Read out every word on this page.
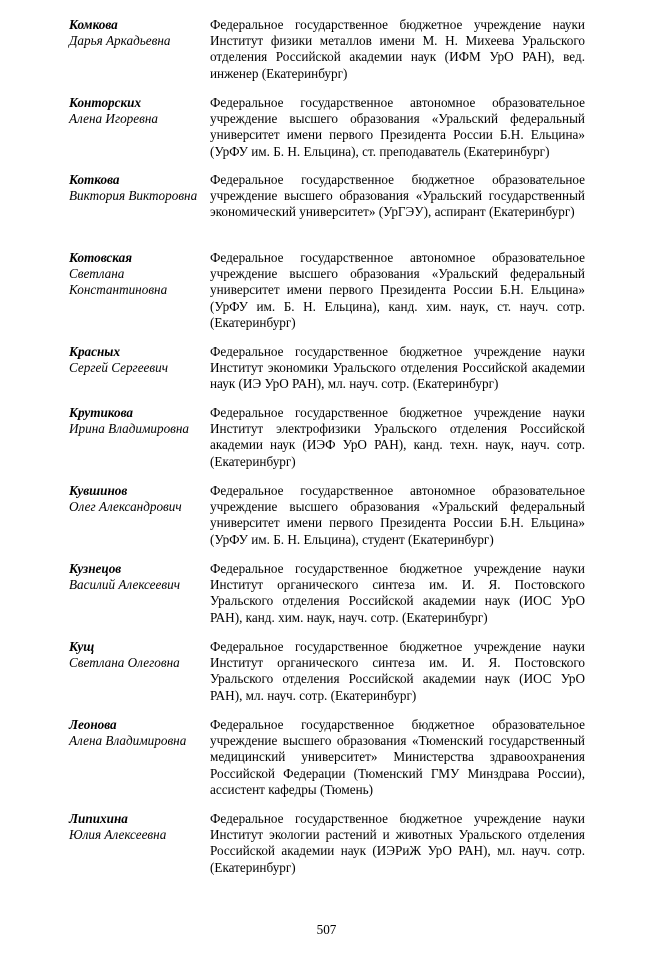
Комкова
Дарья Аркадьевна
Федеральное государственное бюджетное учреждение науки Институт физики металлов имени М. Н. Михеева Уральского отделения Российской академии наук (ИФМ УрО РАН), вед. инженер (Екатеринбург)
Конторских
Алена Игоревна
Федеральное государственное автономное образовательное учреждение высшего образования «Уральский федеральный университет имени первого Президента России Б.Н. Ельцина» (УрФУ им. Б. Н. Ельцина), ст. преподаватель (Екатеринбург)
Коткова
Виктория Викторовна
Федеральное государственное бюджетное образовательное учреждение высшего образования «Уральский государственный экономический университет» (УрГЭУ), аспирант (Екатеринбург)
Котовская
Светлана Константиновна
Федеральное государственное автономное образовательное учреждение высшего образования «Уральский федеральный университет имени первого Президента России Б.Н. Ельцина» (УрФУ им. Б. Н. Ельцина), канд. хим. наук, ст. науч. сотр. (Екатеринбург)
Красных
Сергей Сергеевич
Федеральное государственное бюджетное учреждение науки Институт экономики Уральского отделения Российской академии наук (ИЭ УрО РАН), мл. науч. сотр. (Екатеринбург)
Крутикова
Ирина Владимировна
Федеральное государственное бюджетное учреждение науки Институт электрофизики Уральского отделения Российской академии наук (ИЭФ УрО РАН), канд. техн. наук, науч. сотр. (Екатеринбург)
Кувшинов
Олег Александрович
Федеральное государственное автономное образовательное учреждение высшего образования «Уральский федеральный университет имени первого Президента России Б.Н. Ельцина» (УрФУ им. Б. Н. Ельцина), студент (Екатеринбург)
Кузнецов
Василий Алексеевич
Федеральное государственное бюджетное учреждение науки Институт органического синтеза им. И. Я. Постовского Уральского отделения Российской академии наук (ИОС УрО РАН), канд. хим. наук, науч. сотр. (Екатеринбург)
Кущ
Светлана Олеговна
Федеральное государственное бюджетное учреждение науки Институт органического синтеза им. И. Я. Постовского Уральского отделения Российской академии наук (ИОС УрО РАН), мл. науч. сотр. (Екатеринбург)
Леонова
Алена Владимировна
Федеральное государственное бюджетное образовательное учреждение высшего образования «Тюменский государственный медицинский университет» Министерства здравоохранения Российской Федерации (Тюменский ГМУ Минздрава России), ассистент кафедры (Тюмень)
Липихина
Юлия Алексеевна
Федеральное государственное бюджетное учреждение науки Институт экологии растений и животных Уральского отделения Российской академии наук (ИЭРиЖ УрО РАН), мл. науч. сотр. (Екатеринбург)
507
